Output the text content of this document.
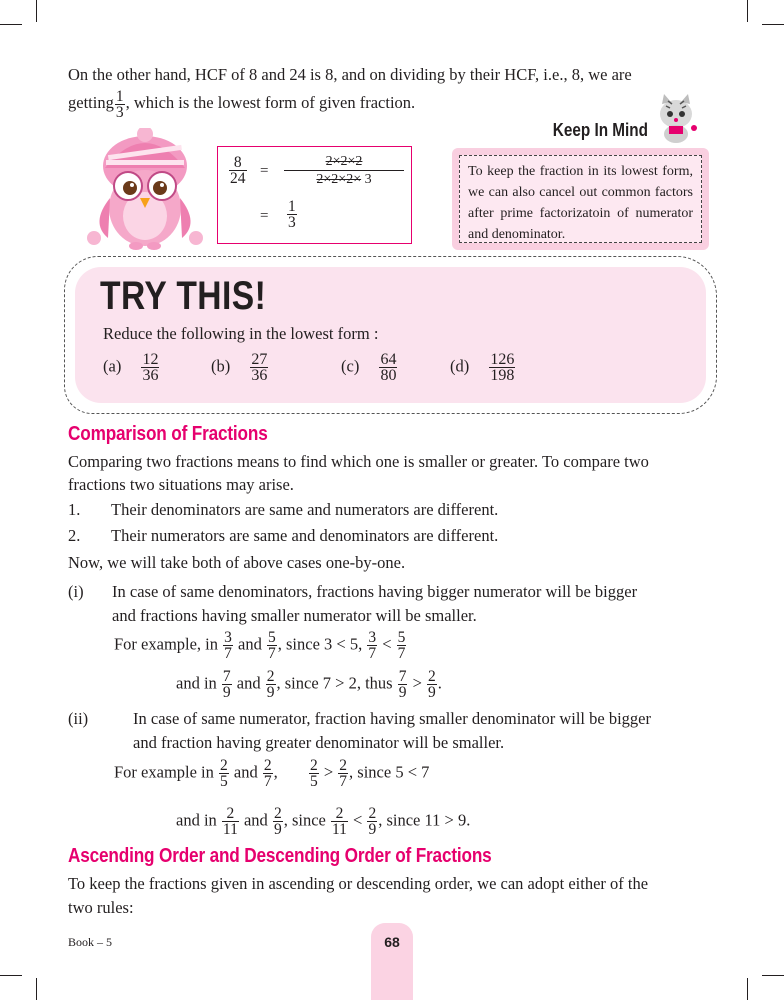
On the other hand, HCF of 8 and 24 is 8, and on dividing by their HCF, i.e., 8, we are
getting $\frac{1}{3}$ , which is the lowest form of given fraction.
$\frac{8}{24}$ =
2×2×2
2×2×2× 3
= $\frac{1}{3}$
Keep In Mind
To keep the fraction in its lowest form, we can also cancel out common factors after prime factorizatoin of numerator and denominator.
TRY THIS!
Reduce the following in the lowest form :
$(a) \frac{12}{36}$	$(b) \frac{27}{36}$	$(c) \frac{64}{80}$	$(d) \frac{126}{198}$
Comparison of Fractions
Comparing two fractions means to find which one is smaller or greater. To compare two
fractions two situations may arise.
1. Their denominators are same and numerators are different.
2. Their numerators are same and denominators are different.
Now, we will take both of above cases one-by-one.
(i) In case of same denominators, fractions having bigger numerator will be bigger
and fractions having smaller numerator will be smaller.
For example, in $\frac{3}{7}$ and $\frac{5}{7}$ , since 3 < 5, $\frac{3}{7} < \frac{5}{7}$
and in $\frac{7}{9}$ and $\frac{2}{9}$ , since 7 > 2, thus $\frac{7}{9} > \frac{2}{9}$ .
(ii)	In case of same numerator, fraction having smaller denominator will be bigger
and fraction having greater denominator will be smaller.
For example in $\frac{2}{5}$ and $\frac{2}{7}$ , $\frac{2}{5} > \frac{2}{7}$ , since 5 < 7
and in $\frac{2}{11}$ and $\frac{2}{9}$ , since $\frac{2}{11} < \frac{2}{9}$ , since 11 > 9.
Ascending Order and Descending Order of Fractions
To keep the fractions given in ascending or descending order, we can adopt either of the
two rules:
Book – 5	68
